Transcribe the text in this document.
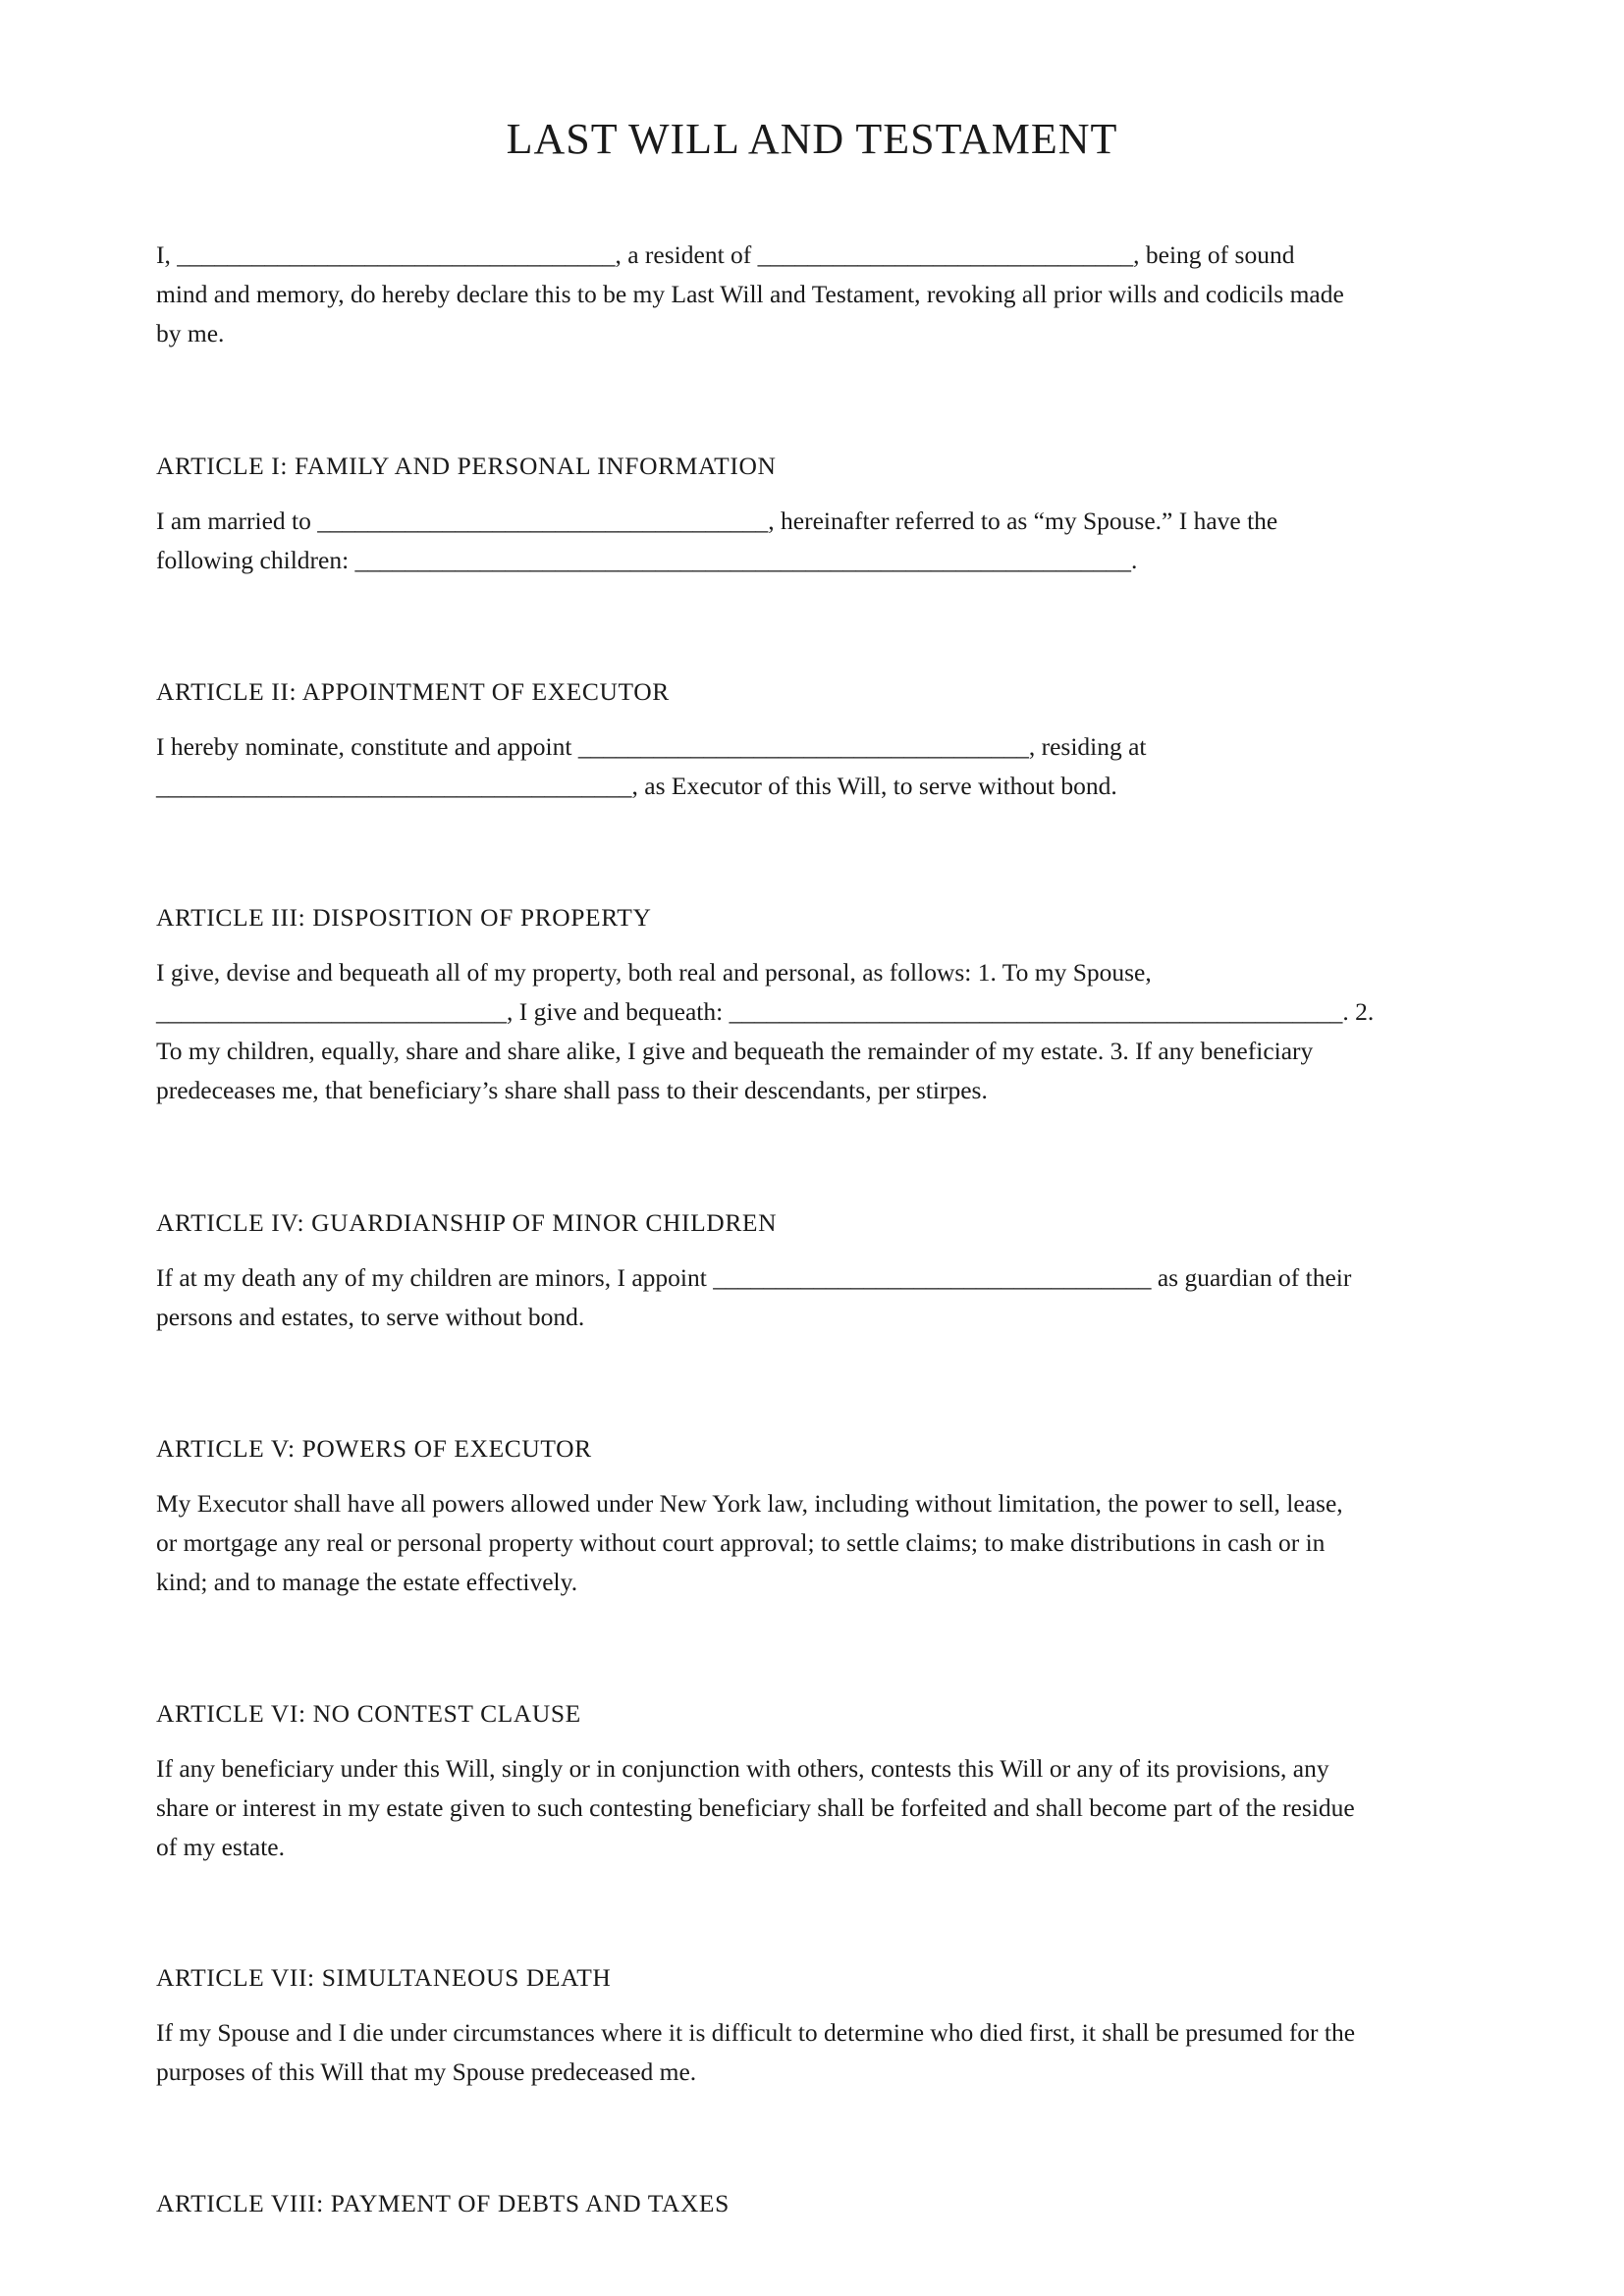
LAST WILL AND TESTAMENT

I, ___________________________________, a resident of ______________________________, being of sound
mind and memory, do hereby declare this to be my Last Will and Testament, revoking all prior wills and codicils made
by me.

ARTICLE I: FAMILY AND PERSONAL INFORMATION

I am married to ____________________________________, hereinafter referred to as “my Spouse.” I have the
following children: ______________________________________________________________.

ARTICLE II: APPOINTMENT OF EXECUTOR

I hereby nominate, constitute and appoint ____________________________________, residing at
______________________________________, as Executor of this Will, to serve without bond.

ARTICLE III: DISPOSITION OF PROPERTY

I give, devise and bequeath all of my property, both real and personal, as follows: 1. To my Spouse,
____________________________, I give and bequeath: _________________________________________________. 2.
To my children, equally, share and share alike, I give and bequeath the remainder of my estate. 3. If any beneficiary
predeceases me, that beneficiary’s share shall pass to their descendants, per stirpes.

ARTICLE IV: GUARDIANSHIP OF MINOR CHILDREN

If at my death any of my children are minors, I appoint ___________________________________ as guardian of their
persons and estates, to serve without bond.

ARTICLE V: POWERS OF EXECUTOR

My Executor shall have all powers allowed under New York law, including without limitation, the power to sell, lease,
or mortgage any real or personal property without court approval; to settle claims; to make distributions in cash or in
kind; and to manage the estate effectively.

ARTICLE VI: NO CONTEST CLAUSE

If any beneficiary under this Will, singly or in conjunction with others, contests this Will or any of its provisions, any
share or interest in my estate given to such contesting beneficiary shall be forfeited and shall become part of the residue
of my estate.

ARTICLE VII: SIMULTANEOUS DEATH

If my Spouse and I die under circumstances where it is difficult to determine who died first, it shall be presumed for the
purposes of this Will that my Spouse predeceased me.

ARTICLE VIII: PAYMENT OF DEBTS AND TAXES
